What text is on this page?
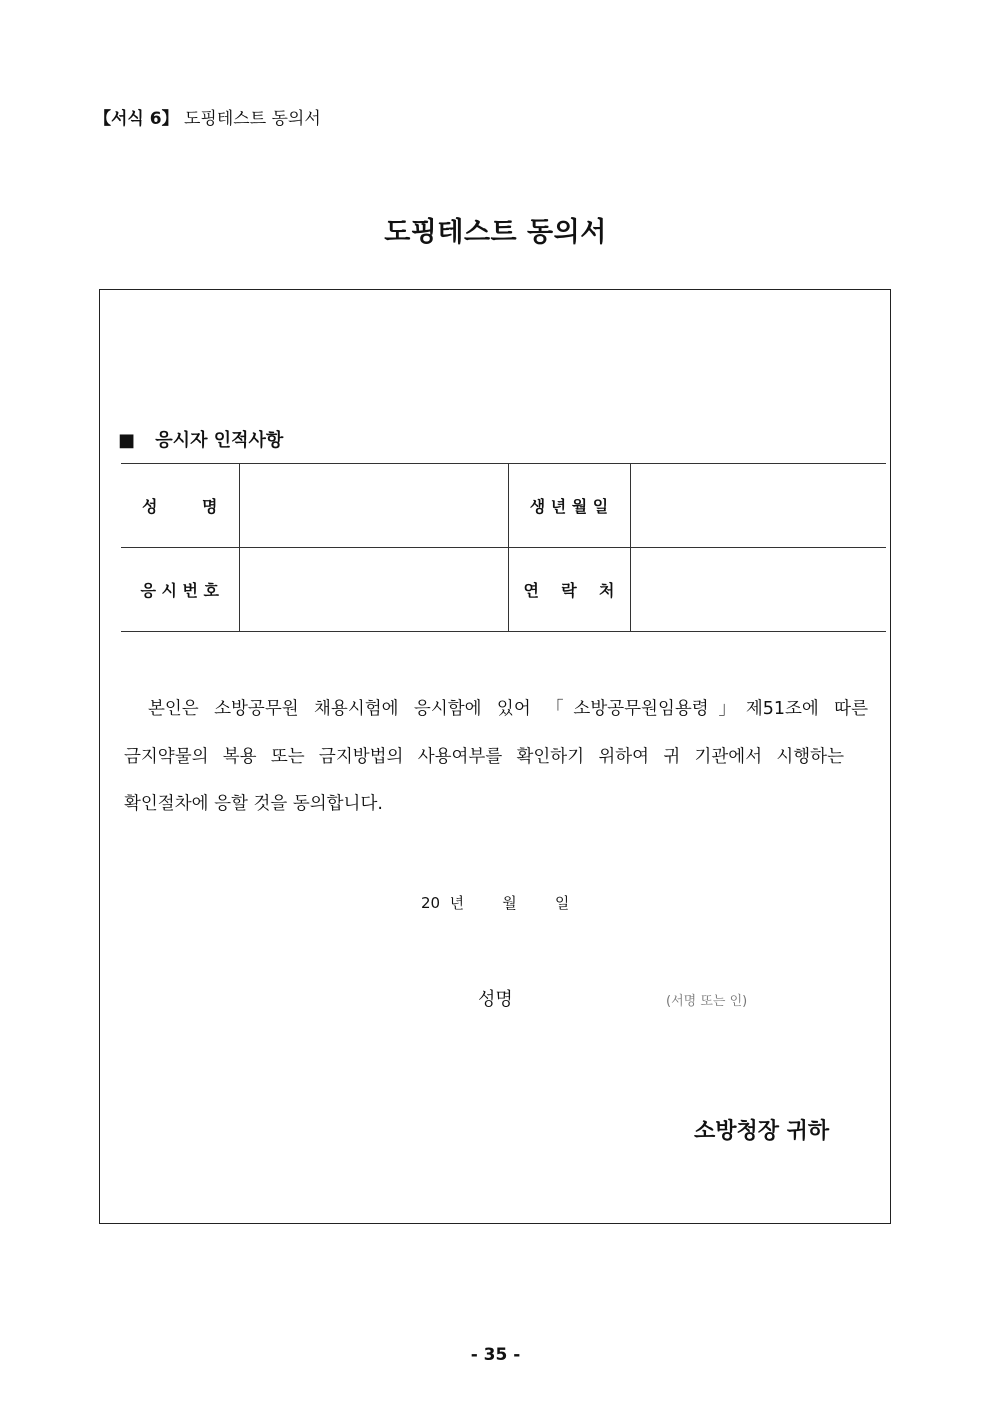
【서식 6】 도핑테스트 동의서
도핑테스트 동의서
■ 응시자 인적사항
성        명		생 년 월 일	
응 시 번 호		연    락    처	

본인은 소방공무원 채용시험에 응시함에 있어 「소방공무원임용령」제51조에 따른
금지약물의 복용 또는 금지방법의 사용여부를 확인하기 위하여 귀 기관에서 시행하는

확인절차에 응할 것을 동의합니다.

20  년        월        일
성명	(서명 또는 인)
소방청장 귀하
- 35 -
